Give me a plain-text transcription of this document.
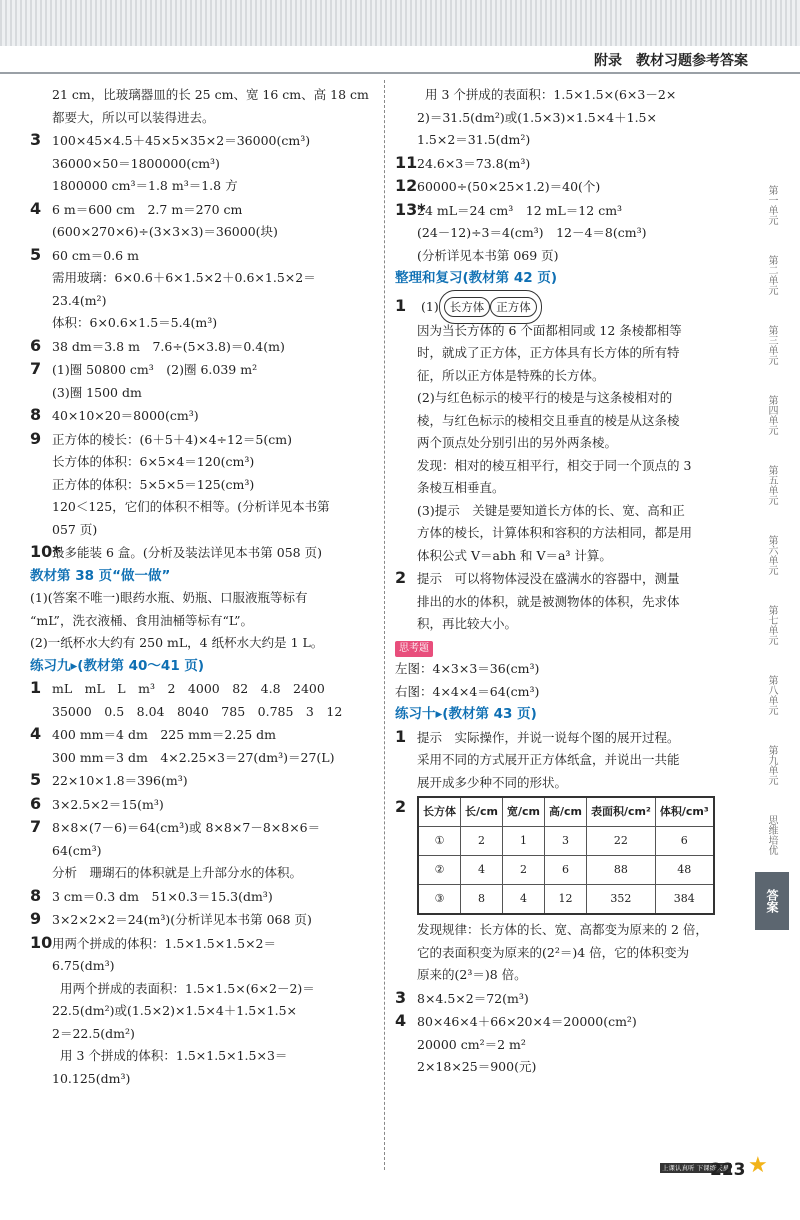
附录　教材习题参考答案
21 cm，比玻璃器皿的长 25 cm、宽 16 cm、高 18 cm
都要大，所以可以装得进去。
3 100×45×4.5＋45×5×35×2＝36000(cm³)
36000×50＝1800000(cm³)
1800000 cm³＝1.8 m³＝1.8 方
4 6 m＝600 cm　2.7 m＝270 cm
(600×270×6)÷(3×3×3)＝36000(块)
5 60 cm＝0.6 m
需用玻璃：6×0.6＋6×1.5×2＋0.6×1.5×2＝
23.4(m²)
体积：6×0.6×1.5＝5.4(m³)
6 38 dm＝3.8 m　7.6÷(5×3.8)＝0.4(m)
7 (1)圈 50800 cm³　(2)圈 6.039 m²
(3)圈 1500 dm
8 40×10×20＝8000(cm³)
9 正方体的棱长：(6＋5＋4)×4÷12＝5(cm)
长方体的体积：6×5×4＝120(cm³)
正方体的体积：5×5×5＝125(cm³)
120＜125，它们的体积不相等。(分析详见本书第
057 页)
10*最多能装 6 盒。(分析及装法详见本书第 058 页)
教材第 38 页“做一做”
(1)(答案不唯一)眼药水瓶、奶瓶、口服液瓶等标有
“mL”，洗衣液桶、食用油桶等标有“L”。
(2)一纸杯水大约有 250 mL，4 纸杯水大约是 1 L。
练习九▸(教材第 40～41 页)
1 mL　mL　L　m³　2　4000　82　4.8　2400
35000　0.5　8.04　8040　785　0.785　3　12
4 400 mm＝4 dm　225 mm＝2.25 dm
300 mm＝3 dm　4×2.25×3＝27(dm³)＝27(L)
5 22×10×1.8＝396(m³)
6 3×2.5×2＝15(m³)
7 8×8×(7－6)＝64(cm³)或 8×8×7－8×8×6＝
64(cm³)
分析　珊瑚石的体积就是上升部分水的体积。
8 3 cm＝0.3 dm　51×0.3＝15.3(dm³)
9 3×2×2×2＝24(m³)(分析详见本书第 068 页)
10用两个拼成的体积：1.5×1.5×1.5×2＝
6.75(dm³)
用两个拼成的表面积：1.5×1.5×(6×2－2)＝
22.5(dm²)或(1.5×2)×1.5×4＋1.5×1.5×
2＝22.5(dm²)
用 3 个拼成的体积：1.5×1.5×1.5×3＝
10.125(dm³)
用 3 个拼成的表面积：1.5×1.5×(6×3－2×
2)＝31.5(dm²)或(1.5×3)×1.5×4＋1.5×
1.5×2＝31.5(dm²)
1124.6×3＝73.8(m³)
1260000÷(50×25×1.2)＝40(个)
13*24 mL＝24 cm³　12 mL＝12 cm³
(24－12)÷3＝4(cm³)　12－4＝8(cm³)
(分析详见本书第 069 页)
整理和复习(教材第 42 页)
1 (1) 长方体 正方体
因为当长方体的 6 个面都相同或 12 条棱都相等
时，就成了正方体，正方体具有长方体的所有特
征，所以正方体是特殊的长方体。
(2)与红色标示的棱平行的棱是与这条棱相对的
棱，与红色标示的棱相交且垂直的棱是从这条棱
两个顶点处分别引出的另外两条棱。
发现：相对的棱互相平行，相交于同一个顶点的 3
条棱互相垂直。
(3)提示　关键是要知道长方体的长、宽、高和正
方体的棱长，计算体积和容积的方法相同，都是用
体积公式 V＝abh 和 V＝a³ 计算。
2 提示　可以将物体浸没在盛满水的容器中，测量
排出的水的体积，就是被测物体的体积，先求体
积，再比较大小。
思考题
左图：4×3×3＝36(cm³)
右图：4×4×4＝64(cm³)
练习十▸(教材第 43 页)
1 提示　实际操作，并说一说每个图的展开过程。
采用不同的方式展开正方体纸盒，并说出一共能
展开成多少种不同的形状。
2	长方体	长/cm	宽/cm	高/cm	表面积/cm²	体积/cm³
①	2	1	3	22	6
②	4	2	6	88	48
③	8	4	12	352	384
发现规律：长方体的长、宽、高都变为原来的 2 倍，
它的表面积变为原来的(2²＝)4 倍，它的体积变为
原来的(2³＝)8 倍。
3 8×4.5×2＝72(m³)
4 80×46×4＋66×20×4＝20000(cm²)
20000 cm²＝2 m²
2×18×25＝900(元)
第一单元
第二单元
第三单元
第四单元
第五单元
第六单元
第七单元
第八单元
第九单元
思维培优
答案
上课认真听 下课练天星
223 ★
